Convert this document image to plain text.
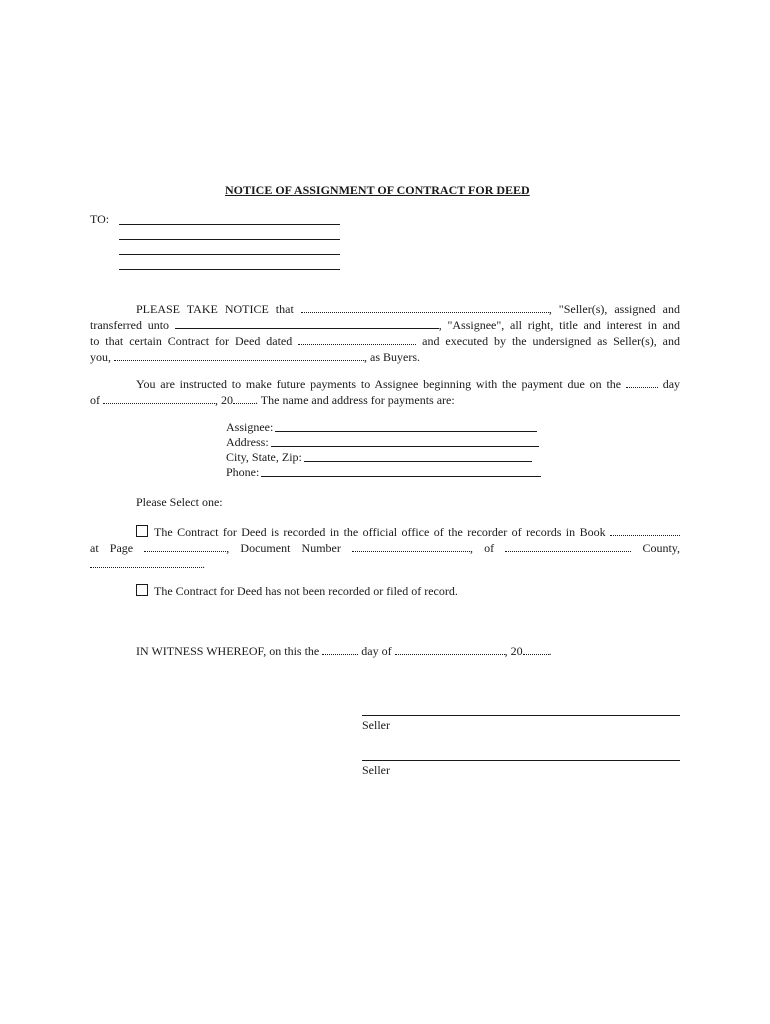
NOTICE OF ASSIGNMENT OF CONTRACT FOR DEED
TO:
PLEASE TAKE NOTICE that	, "Seller(s), assigned and
transferred unto	, "Assignee", all right, title and interest in and
to that certain Contract for Deed dated	and executed by the undersigned as Seller(s), and
you,	, as Buyers.
You are instructed to make future payments to Assignee beginning with the payment due on the	day
of	, 20 . The name and address for payments are:
Assignee:
Address:
City, State, Zip:
Phone:
Please Select one:
The Contract for Deed is recorded in the official office of the recorder of records in Book
at Page	, Document Number	, of	County,
.
The Contract for Deed has not been recorded or filed of record.
IN WITNESS WHEREOF, on this the	day of	, 20 .
Seller
Seller
